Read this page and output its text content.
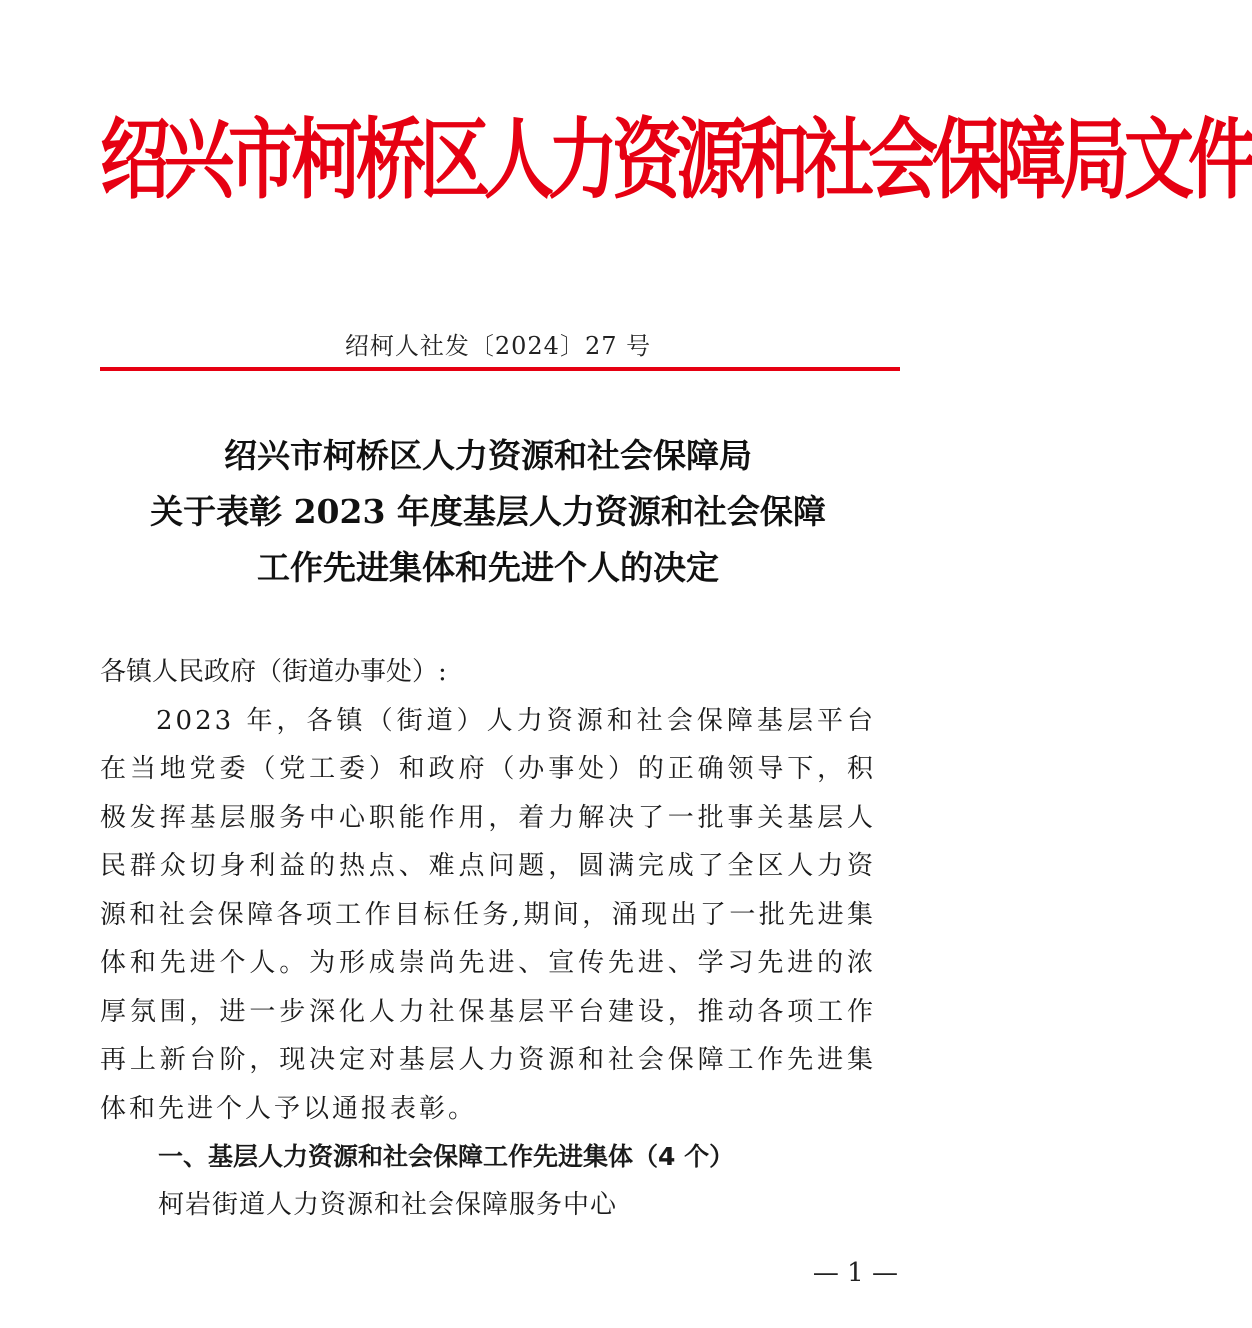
绍兴市柯桥区人力资源和社会保障局文件
绍柯人社发〔2024〕27 号
绍兴市柯桥区人力资源和社会保障局
关于表彰 2023 年度基层人力资源和社会保障
工作先进集体和先进个人的决定
各镇人民政府（街道办事处）:

2023 年，各镇（街道）人力资源和社会保障基层平台在当地党委（党工委）和政府（办事处）的正确领导下，积极发挥基层服务中心职能作用，着力解决了一批事关基层人民群众切身利益的热点、难点问题，圆满完成了全区人力资源和社会保障各项工作目标任务,期间，涌现出了一批先进集体和先进个人。为形成崇尚先进、宣传先进、学习先进的浓厚氛围，进一步深化人力社保基层平台建设，推动各项工作再上新台阶，现决定对基层人力资源和社会保障工作先进集体和先进个人予以通报表彰。

一、基层人力资源和社会保障工作先进集体（4 个）
柯岩街道人力资源和社会保障服务中心
— 1 —
